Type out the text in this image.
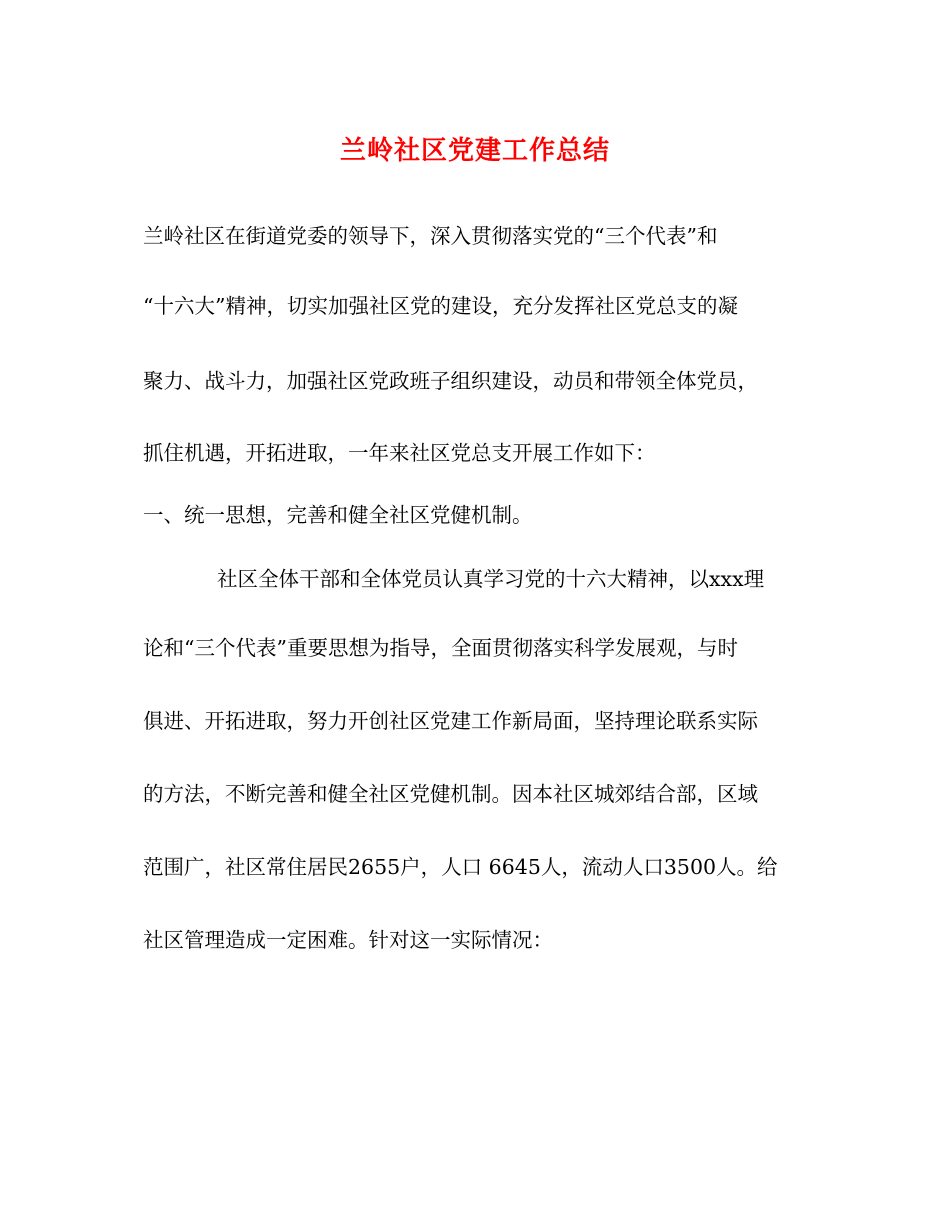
兰岭社区党建工作总结
兰岭社区在街道党委的领导下，深入贯彻落实党的“三个代表”和
“十六大”精神，切实加强社区党的建设，充分发挥社区党总支的凝
聚力、战斗力，加强社区党政班子组织建设，动员和带领全体党员，
抓住机遇，开拓进取，一年来社区党总支开展工作如下：
一、统一思想，完善和健全社区党健机制。
社区全体干部和全体党员认真学习党的十六大精神，以xxx理
论和“三个代表”重要思想为指导，全面贯彻落实科学发展观，与时
俱进、开拓进取，努力开创社区党建工作新局面，坚持理论联系实际
的方法，不断完善和健全社区党健机制。因本社区城郊结合部，区域
范围广，社区常住居民2655户，人口 6645人，流动人口3500人。给
社区管理造成一定困难。针对这一实际情况：
